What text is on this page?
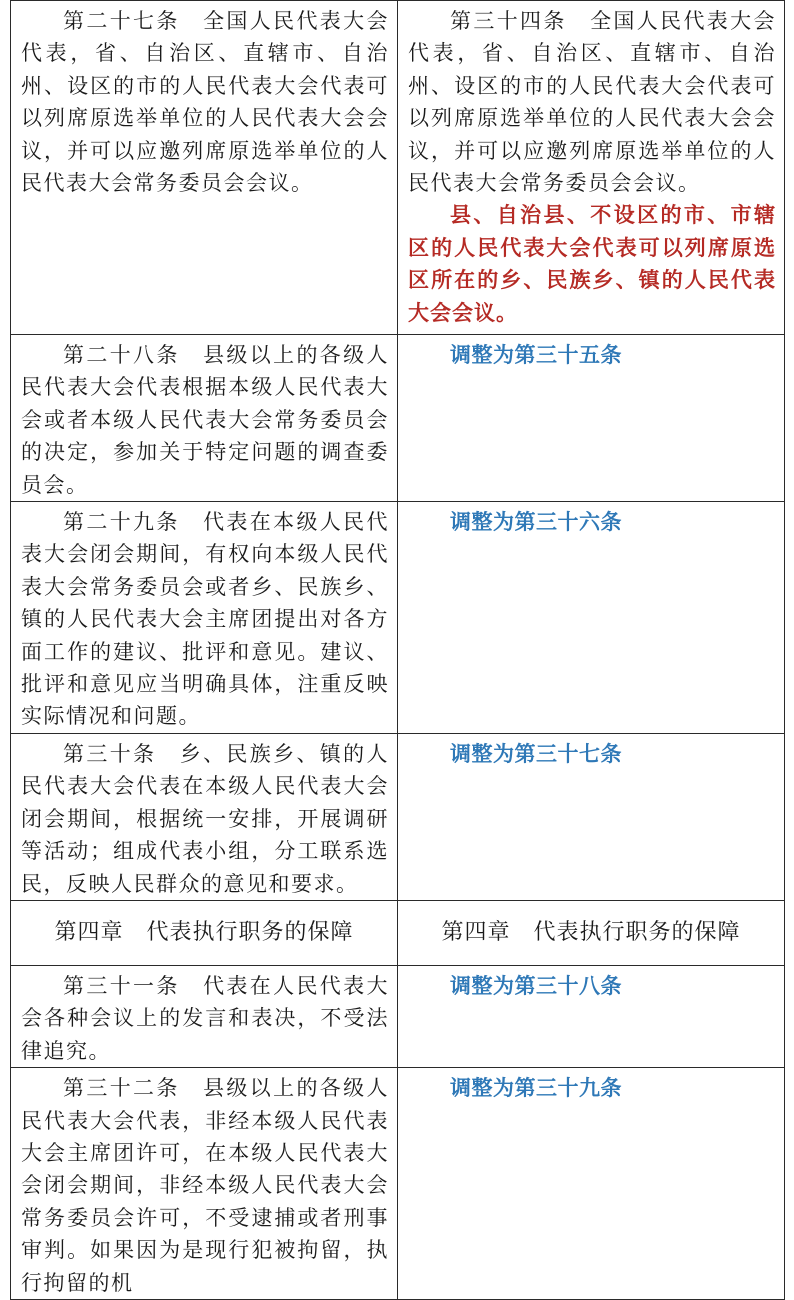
第二十七条　全国人民代表大会代表，省、自治区、直辖市、自治州、设区的市的人民代表大会代表可以列席原选举单位的人民代表大会会议，并可以应邀列席原选举单位的人民代表大会常务委员会会议。	第三十四条　全国人民代表大会代表，省、自治区、直辖市、自治州、设区的市的人民代表大会代表可以列席原选举单位的人民代表大会会议，并可以应邀列席原选举单位的人民代表大会常务委员会会议。
县、自治县、不设区的市、市辖区的人民代表大会代表可以列席原选区所在的乡、民族乡、镇的人民代表大会会议。

第二十八条　县级以上的各级人民代表大会代表根据本级人民代表大会或者本级人民代表大会常务委员会的决定，参加关于特定问题的调查委员会。	调整为第三十五条

第二十九条　代表在本级人民代表大会闭会期间，有权向本级人民代表大会常务委员会或者乡、民族乡、镇的人民代表大会主席团提出对各方面工作的建议、批评和意见。建议、批评和意见应当明确具体，注重反映实际情况和问题。	调整为第三十六条

第三十条　乡、民族乡、镇的人民代表大会代表在本级人民代表大会闭会期间，根据统一安排，开展调研等活动；组成代表小组，分工联系选民，反映人民群众的意见和要求。	调整为第三十七条

第四章　代表执行职务的保障	第四章　代表执行职务的保障

第三十一条　代表在人民代表大会各种会议上的发言和表决，不受法律追究。	调整为第三十八条

第三十二条　县级以上的各级人民代表大会代表，非经本级人民代表大会主席团许可，在本级人民代表大会闭会期间，非经本级人民代表大会常务委员会许可，不受逮捕或者刑事审判。如果因为是现行犯被拘留，执行拘留的机	调整为第三十九条
